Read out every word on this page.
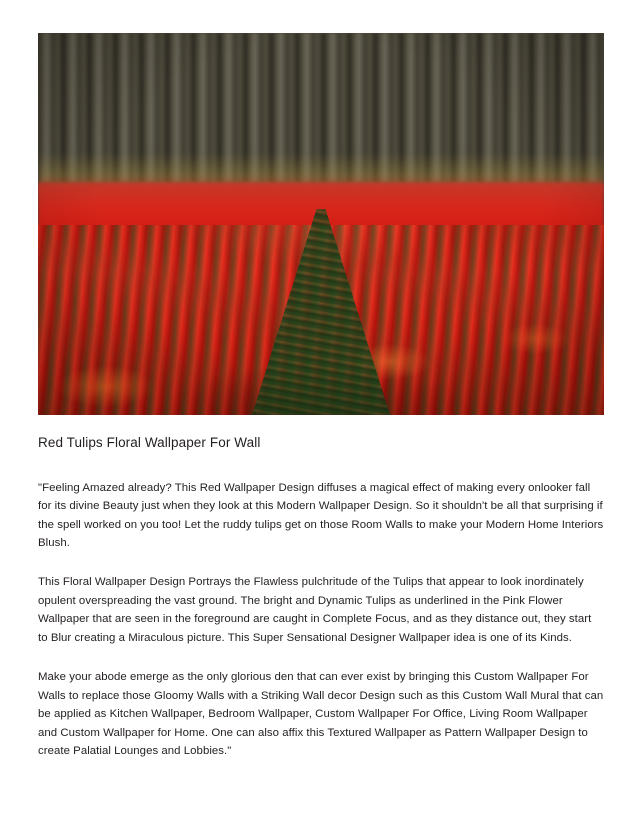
Red Tulips Floral Wallpaper For Wall

"Feeling Amazed already? This Red Wallpaper Design diffuses a magical effect of making every onlooker fall for its divine Beauty just when they look at this Modern Wallpaper Design. So it shouldn't be all that surprising if the spell worked on you too! Let the ruddy tulips get on those Room Walls to make your Modern Home Interiors Blush.

This Floral Wallpaper Design Portrays the Flawless pulchritude of the Tulips that appear to look inordinately opulent overspreading the vast ground. The bright and Dynamic Tulips as underlined in the Pink Flower Wallpaper that are seen in the foreground are caught in Complete Focus, and as they distance out, they start to Blur creating a Miraculous picture. This Super Sensational Designer Wallpaper idea is one of its Kinds.

Make your abode emerge as the only glorious den that can ever exist by bringing this Custom Wallpaper For Walls to replace those Gloomy Walls with a Striking Wall decor Design such as this Custom Wall Mural that can be applied as Kitchen Wallpaper, Bedroom Wallpaper, Custom Wallpaper For Office, Living Room Wallpaper and Custom Wallpaper for Home. One can also affix this Textured Wallpaper as Pattern Wallpaper Design to create Palatial Lounges and Lobbies."
